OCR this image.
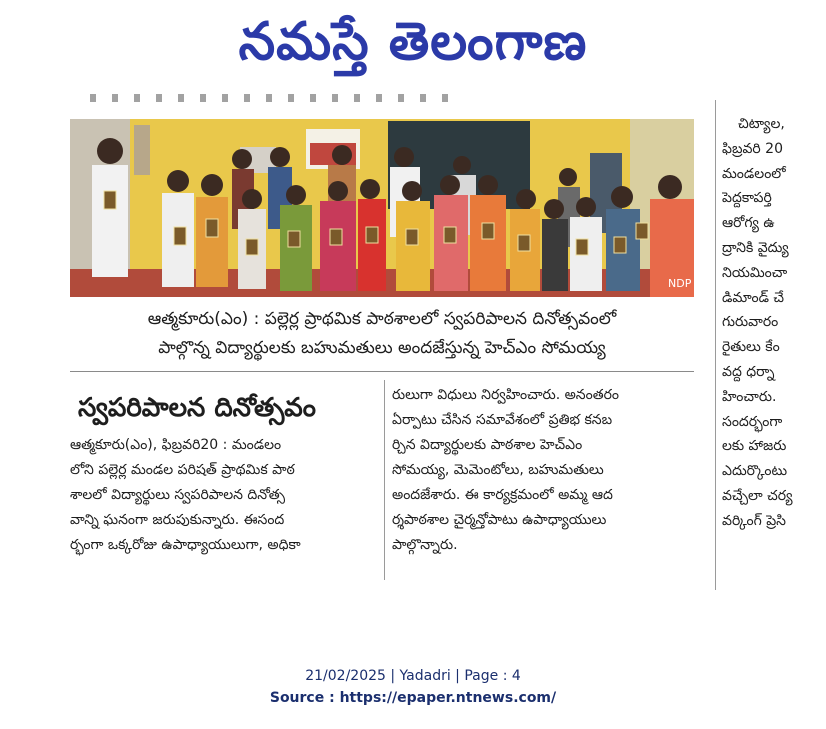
నమస్తే తెలంగాణ
NDP
ఆత్మకూరు(ఎం) : పల్లెర్ల ప్రాథమిక పాఠశాలలో స్వపరిపాలన దినోత్సవంలో
పాల్గొన్న విద్యార్థులకు బహుమతులు అందజేస్తున్న హెచ్ఎం సోమయ్య
స్వపరిపాలన దినోత్సవం
ఆత్మకూరు(ఎం), ఫిబ్రవరి20 : మండలం
లోని పల్లెర్ల మండల పరిషత్ ప్రాథమిక పాఠ
శాలలో విద్యార్థులు స్వపరిపాలన దినోత్స
వాన్ని ఘనంగా జరుపుకున్నారు. ఈసంద
ర్భంగా ఒక్కరోజు ఉపాధ్యాయులుగా, అధికా
రులుగా విధులు నిర్వహించారు. అనంతరం
ఏర్పాటు చేసిన సమావేశంలో ప్రతిభ కనబ
ర్చిన విద్యార్థులకు పాఠశాల హెచ్ఎం
సోమయ్య, మెమెంటోలు, బహుమతులు
అందజేశారు. ఈ కార్యక్రమంలో అమ్మ ఆద
ర్శపాఠశాల చైర్మన్తోపాటు ఉపాధ్యాయులు
పాల్గొన్నారు.
చిట్యాల,
ఫిబ్రవరి 20
మండలంలో
పెద్దకాపర్తి
ఆరోగ్య ఉ
ద్రానికి వైద్యు
నియమించా
డిమాండ్ చే
గురువారం
రైతులు కేం
వద్ద ధర్నా
హించారు.
సందర్భంగా
లకు హాజరు
ఎదుర్కొంటు
వచ్చేలా చర్య
వర్కింగ్ ప్రెసి
21/02/2025 | Yadadri | Page : 4
Source : https://epaper.ntnews.com/
